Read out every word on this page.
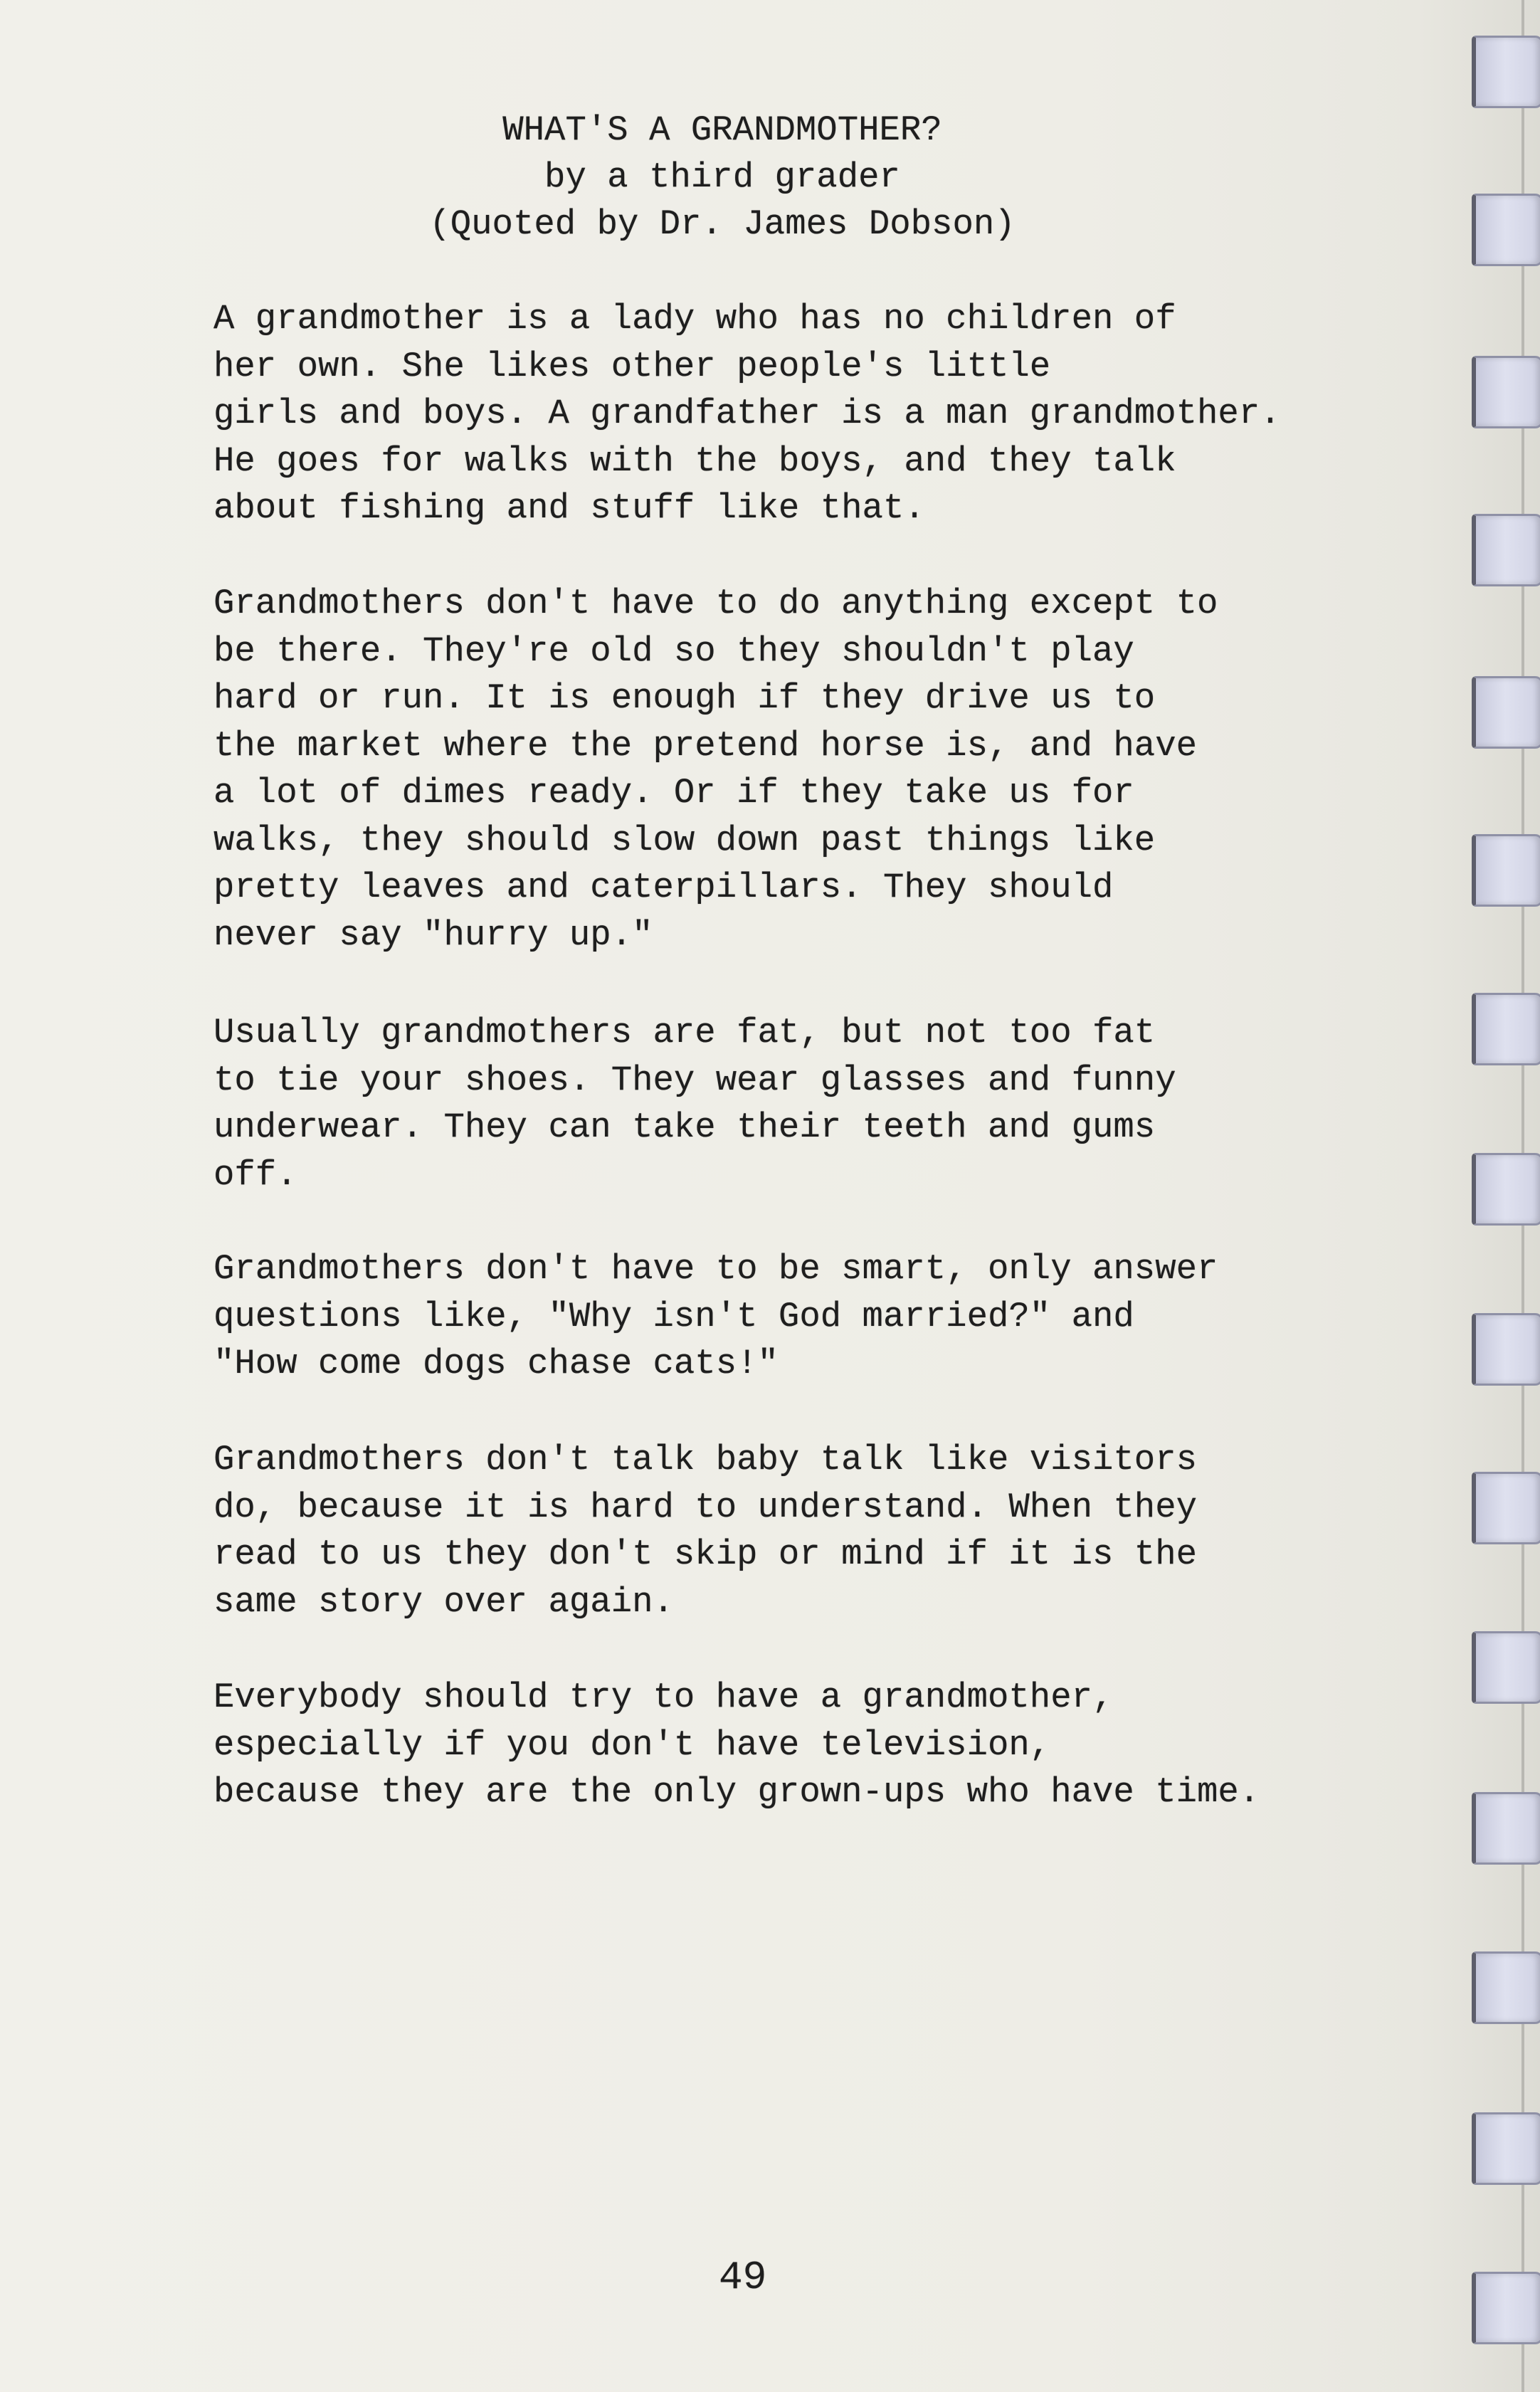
WHAT'S A GRANDMOTHER?
by a third grader
(Quoted by Dr. James Dobson)
A grandmother is a lady who has no children of
her own. She likes other people's little
girls and boys. A grandfather is a man grandmother.
He goes for walks with the boys, and they talk
about fishing and stuff like that.
Grandmothers don't have to do anything except to
be there. They're old so they shouldn't play
hard or run. It is enough if they drive us to
the market where the pretend horse is, and have
a lot of dimes ready. Or if they take us for
walks, they should slow down past things like
pretty leaves and caterpillars. They should
never say "hurry up."
Usually grandmothers are fat, but not too fat
to tie your shoes. They wear glasses and funny
underwear. They can take their teeth and gums
off.
Grandmothers don't have to be smart, only answer
questions like, "Why isn't God married?" and
"How come dogs chase cats!"
Grandmothers don't talk baby talk like visitors
do, because it is hard to understand. When they
read to us they don't skip or mind if it is the
same story over again.
Everybody should try to have a grandmother,
especially if you don't have television,
because they are the only grown-ups who have time.
49
